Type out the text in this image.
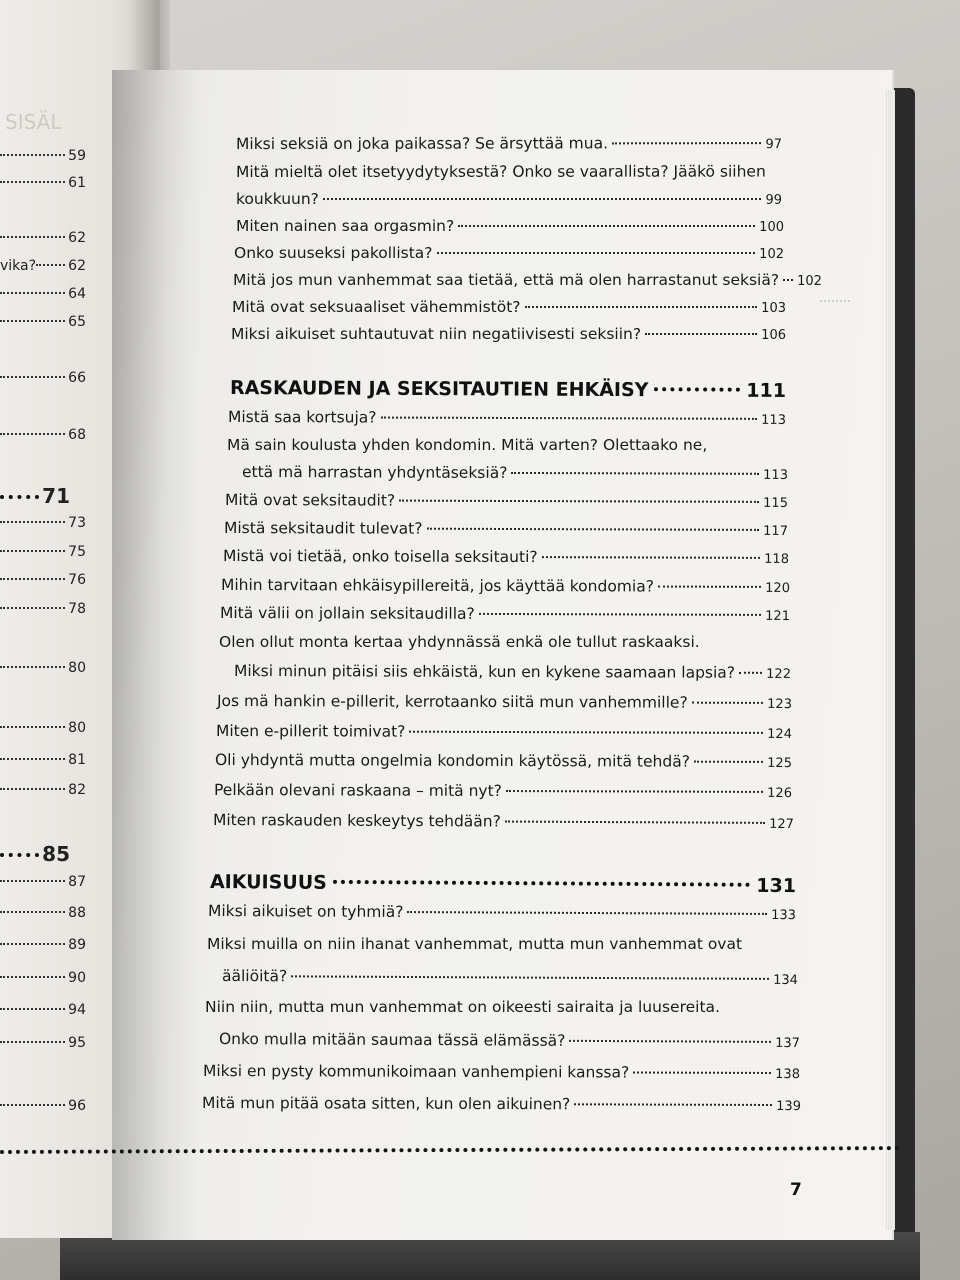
SISÄL
59
61
62
vika? 62
64
65
66
68
71
73
75
76
78
80
80
81
82
85
87
88
89
90
94
95
96
Miksi seksiä on joka paikassa? Se ärsyttää mua.	97
Mitä mieltä olet itsetyydytyksestä? Onko se vaarallista? Jääkö siihen
koukkuun?	99
Miten nainen saa orgasmin?	100
Onko suuseksi pakollista?	102
Mitä jos mun vanhemmat saa tietää, että mä olen harrastanut seksiä? 102
Mitä ovat seksuaaliset vähemmistöt?	103
Miksi aikuiset suhtautuvat niin negatiivisesti seksiin?	106
RASKAUDEN JA SEKSITAUTIEN EHKÄISY	111
Mistä saa kortsuja?	113
Mä sain koulusta yhden kondomin. Mitä varten? Olettaako ne,
että mä harrastan yhdyntäseksiä?	113
Mitä ovat seksitaudit?	115
Mistä seksitaudit tulevat?	117
Mistä voi tietää, onko toisella seksitauti?	118
Mihin tarvitaan ehkäisypillereitä, jos käyttää kondomia?	120
Mitä välii on jollain seksitaudilla?	121
Olen ollut monta kertaa yhdynnässä enkä ole tullut raskaaksi.
Miksi minun pitäisi siis ehkäistä, kun en kykene saamaan lapsia? 122
Jos mä hankin e-pillerit, kerrotaanko siitä mun vanhemmille?	123
Miten e-pillerit toimivat?	124
Oli yhdyntä mutta ongelmia kondomin käytössä, mitä tehdä?	125
Pelkään olevani raskaana – mitä nyt?	126
Miten raskauden keskeytys tehdään?	127
AIKUISUUS	131
Miksi aikuiset on tyhmiä?	133
Miksi muilla on niin ihanat vanhemmat, mutta mun vanhemmat ovat
ääliöitä?	134
Niin niin, mutta mun vanhemmat on oikeesti sairaita ja luusereita.
Onko mulla mitään saumaa tässä elämässä?	137
Miksi en pysty kommunikoimaan vanhempieni kanssa?	138
Mitä mun pitää osata sitten, kun olen aikuinen?	139
7
